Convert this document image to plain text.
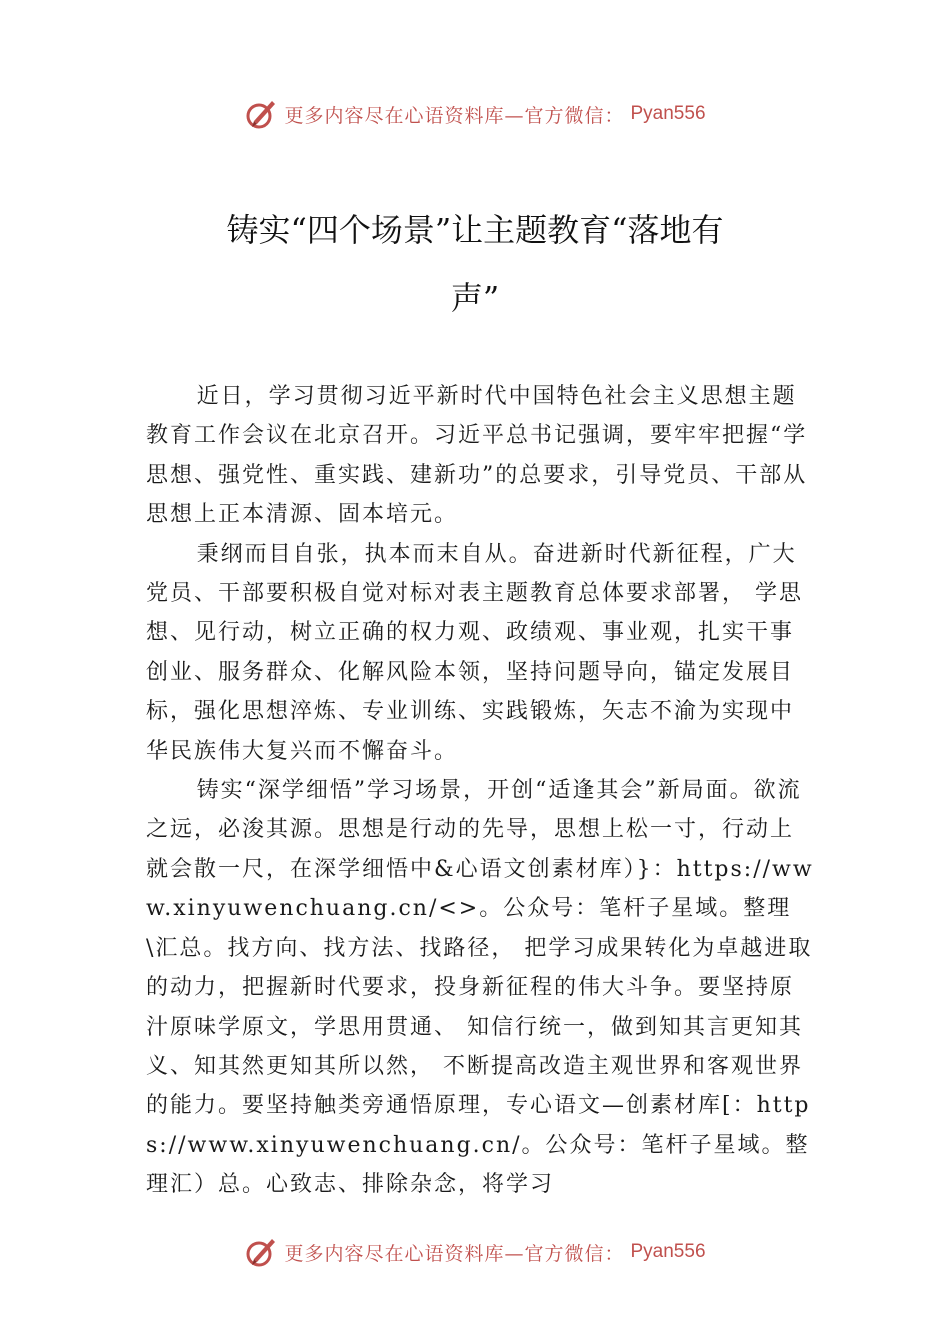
更多内容尽在心语资料库—官方微信： Pyan556
铸实“四个场景”让主题教育“落地有
声”

近日，学习贯彻习近平新时代中国特色社会主义思想主题教育工作会议在北京召开。习近平总书记强调，要牢牢把握“学思想、强党性、重实践、建新功”的总要求，引导党员、干部从思想上正本清源、固本培元。

秉纲而目自张，执本而末自从。奋进新时代新征程，广大党员、干部要积极自觉对标对表主题教育总体要求部署， 学思想、见行动，树立正确的权力观、政绩观、事业观，扎实干事创业、服务群众、化解风险本领，坚持问题导向，锚定发展目标，强化思想淬炼、专业训练、实践锻炼，矢志不渝为实现中华民族伟大复兴而不懈奋斗。

铸实“深学细悟”学习场景，开创“适逢其会”新局面。欲流之远，必浚其源。思想是行动的先导，思想上松一寸，行动上就会散一尺，在深学细悟中&心语文创素材库）}：https://www.xinyuwenchuang.cn/<>。公众号：笔杆子星域。整理\汇总。找方向、找方法、找路径， 把学习成果转化为卓越进取的动力，把握新时代要求，投身新征程的伟大斗争。要坚持原汁原味学原文，学思用贯通、 知信行统一，做到知其言更知其义、知其然更知其所以然， 不断提高改造主观世界和客观世界的能力。要坚持触类旁通悟原理，专心语文—创素材库[：https://www.xinyuwenchuang.cn/。公众号：笔杆子星域。整理汇）总。心致志、排除杂念，将学习

更多内容尽在心语资料库—官方微信： Pyan556
